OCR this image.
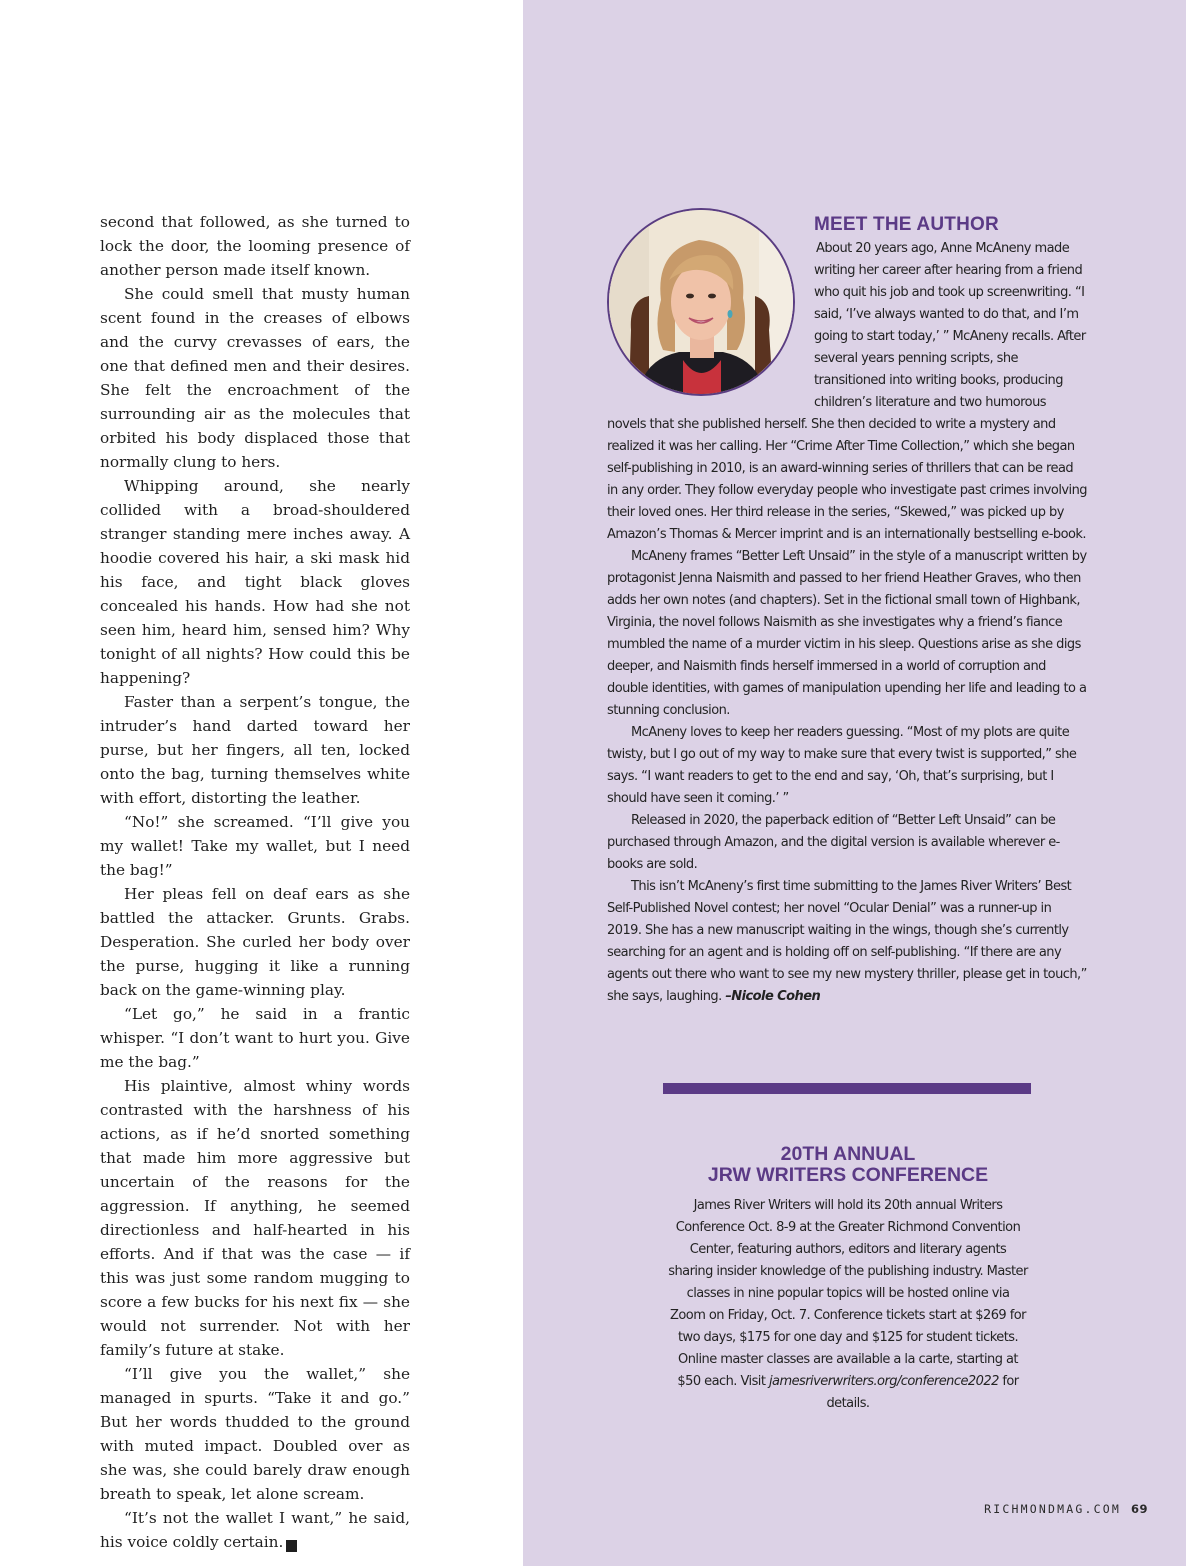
second that followed, as she turned to lock the door, the looming presence of another person made itself known.

She could smell that musty human scent found in the creases of elbows and the curvy crevasses of ears, the one that defined men and their desires. She felt the encroachment of the surrounding air as the molecules that orbited his body displaced those that normally clung to hers.

Whipping around, she nearly collided with a broad-shouldered stranger standing mere inches away. A hoodie covered his hair, a ski mask hid his face, and tight black gloves concealed his hands. How had she not seen him, heard him, sensed him? Why tonight of all nights? How could this be happening?

Faster than a serpent’s tongue, the intruder’s hand darted toward her purse, but her fingers, all ten, locked onto the bag, turning themselves white with effort, distorting the leather.

“No!” she screamed. “I’ll give you my wallet! Take my wallet, but I need the bag!”

Her pleas fell on deaf ears as she battled the attacker. Grunts. Grabs. Desperation. She curled her body over the purse, hugging it like a running back on the game-winning play.

“Let go,” he said in a frantic whisper. “I don’t want to hurt you. Give me the bag.”

His plaintive, almost whiny words contrasted with the harshness of his actions, as if he’d snorted something that made him more aggressive but uncertain of the reasons for the aggression. If anything, he seemed directionless and half-hearted in his efforts. And if that was the case — if this was just some random mugging to score a few bucks for his next fix — she would not surrender. Not with her family’s future at stake.

“I’ll give you the wallet,” she managed in spurts. “Take it and go.” But her words thudded to the ground with muted impact. Doubled over as she was, she could barely draw enough breath to speak, let alone scream.

“It’s not the wallet I want,” he said, his voice coldly certain.	R

MEET THE AUTHOR

About 20 years ago, Anne McAneny made writing her career after hearing from a friend who quit his job and took up screenwriting. “I said, ‘I’ve always wanted to do that, and I’m going to start today,’ ” McAneny recalls. After several years penning scripts, she transitioned into writing books, producing children’s literature and two humorous novels that she published herself. She then decided to write a mystery and realized it was her calling. Her “Crime After Time Collection,” which she began self-publishing in 2010, is an award-winning series of thrillers that can be read in any order. They follow everyday people who investigate past crimes involving their loved ones. Her third release in the series, “Skewed,” was picked up by Amazon’s Thomas & Mercer imprint and is an internationally bestselling e-book.

McAneny frames “Better Left Unsaid” in the style of a manuscript written by protagonist Jenna Naismith and passed to her friend Heather Graves, who then adds her own notes (and chapters). Set in the fictional small town of Highbank, Virginia, the novel follows Naismith as she investigates why a friend’s fiance mumbled the name of a murder victim in his sleep. Questions arise as she digs deeper, and Naismith finds herself immersed in a world of corruption and double identities, with games of manipulation upending her life and leading to a stunning conclusion.

McAneny loves to keep her readers guessing. “Most of my plots are quite twisty, but I go out of my way to make sure that every twist is supported,” she says. “I want readers to get to the end and say, ‘Oh, that’s surprising, but I should have seen it coming.’ ”

Released in 2020, the paperback edition of “Better Left Unsaid” can be purchased through Amazon, and the digital version is available wherever e-books are sold.

This isn’t McAneny’s first time submitting to the James River Writers’ Best Self-Published Novel contest; her novel “Ocular Denial” was a runner-up in 2019. She has a new manuscript waiting in the wings, though she’s currently searching for an agent and is holding off on self-publishing. “If there are any agents out there who want to see my new mystery thriller, please get in touch,” she says, laughing. –Nicole Cohen

20TH ANNUAL
JRW WRITERS CONFERENCE

James River Writers will hold its 20th annual Writers Conference Oct. 8-9 at the Greater Richmond Convention Center, featuring authors, editors and literary agents sharing insider knowledge of the publishing industry. Master classes in nine popular topics will be hosted online via Zoom on Friday, Oct. 7. Conference tickets start at $269 for two days, $175 for one day and $125 for student tickets. Online master classes are available a la carte, starting at $50 each. Visit jamesriverwriters.org/conference2022 for details.

RICHMONDMAG.COM 69
